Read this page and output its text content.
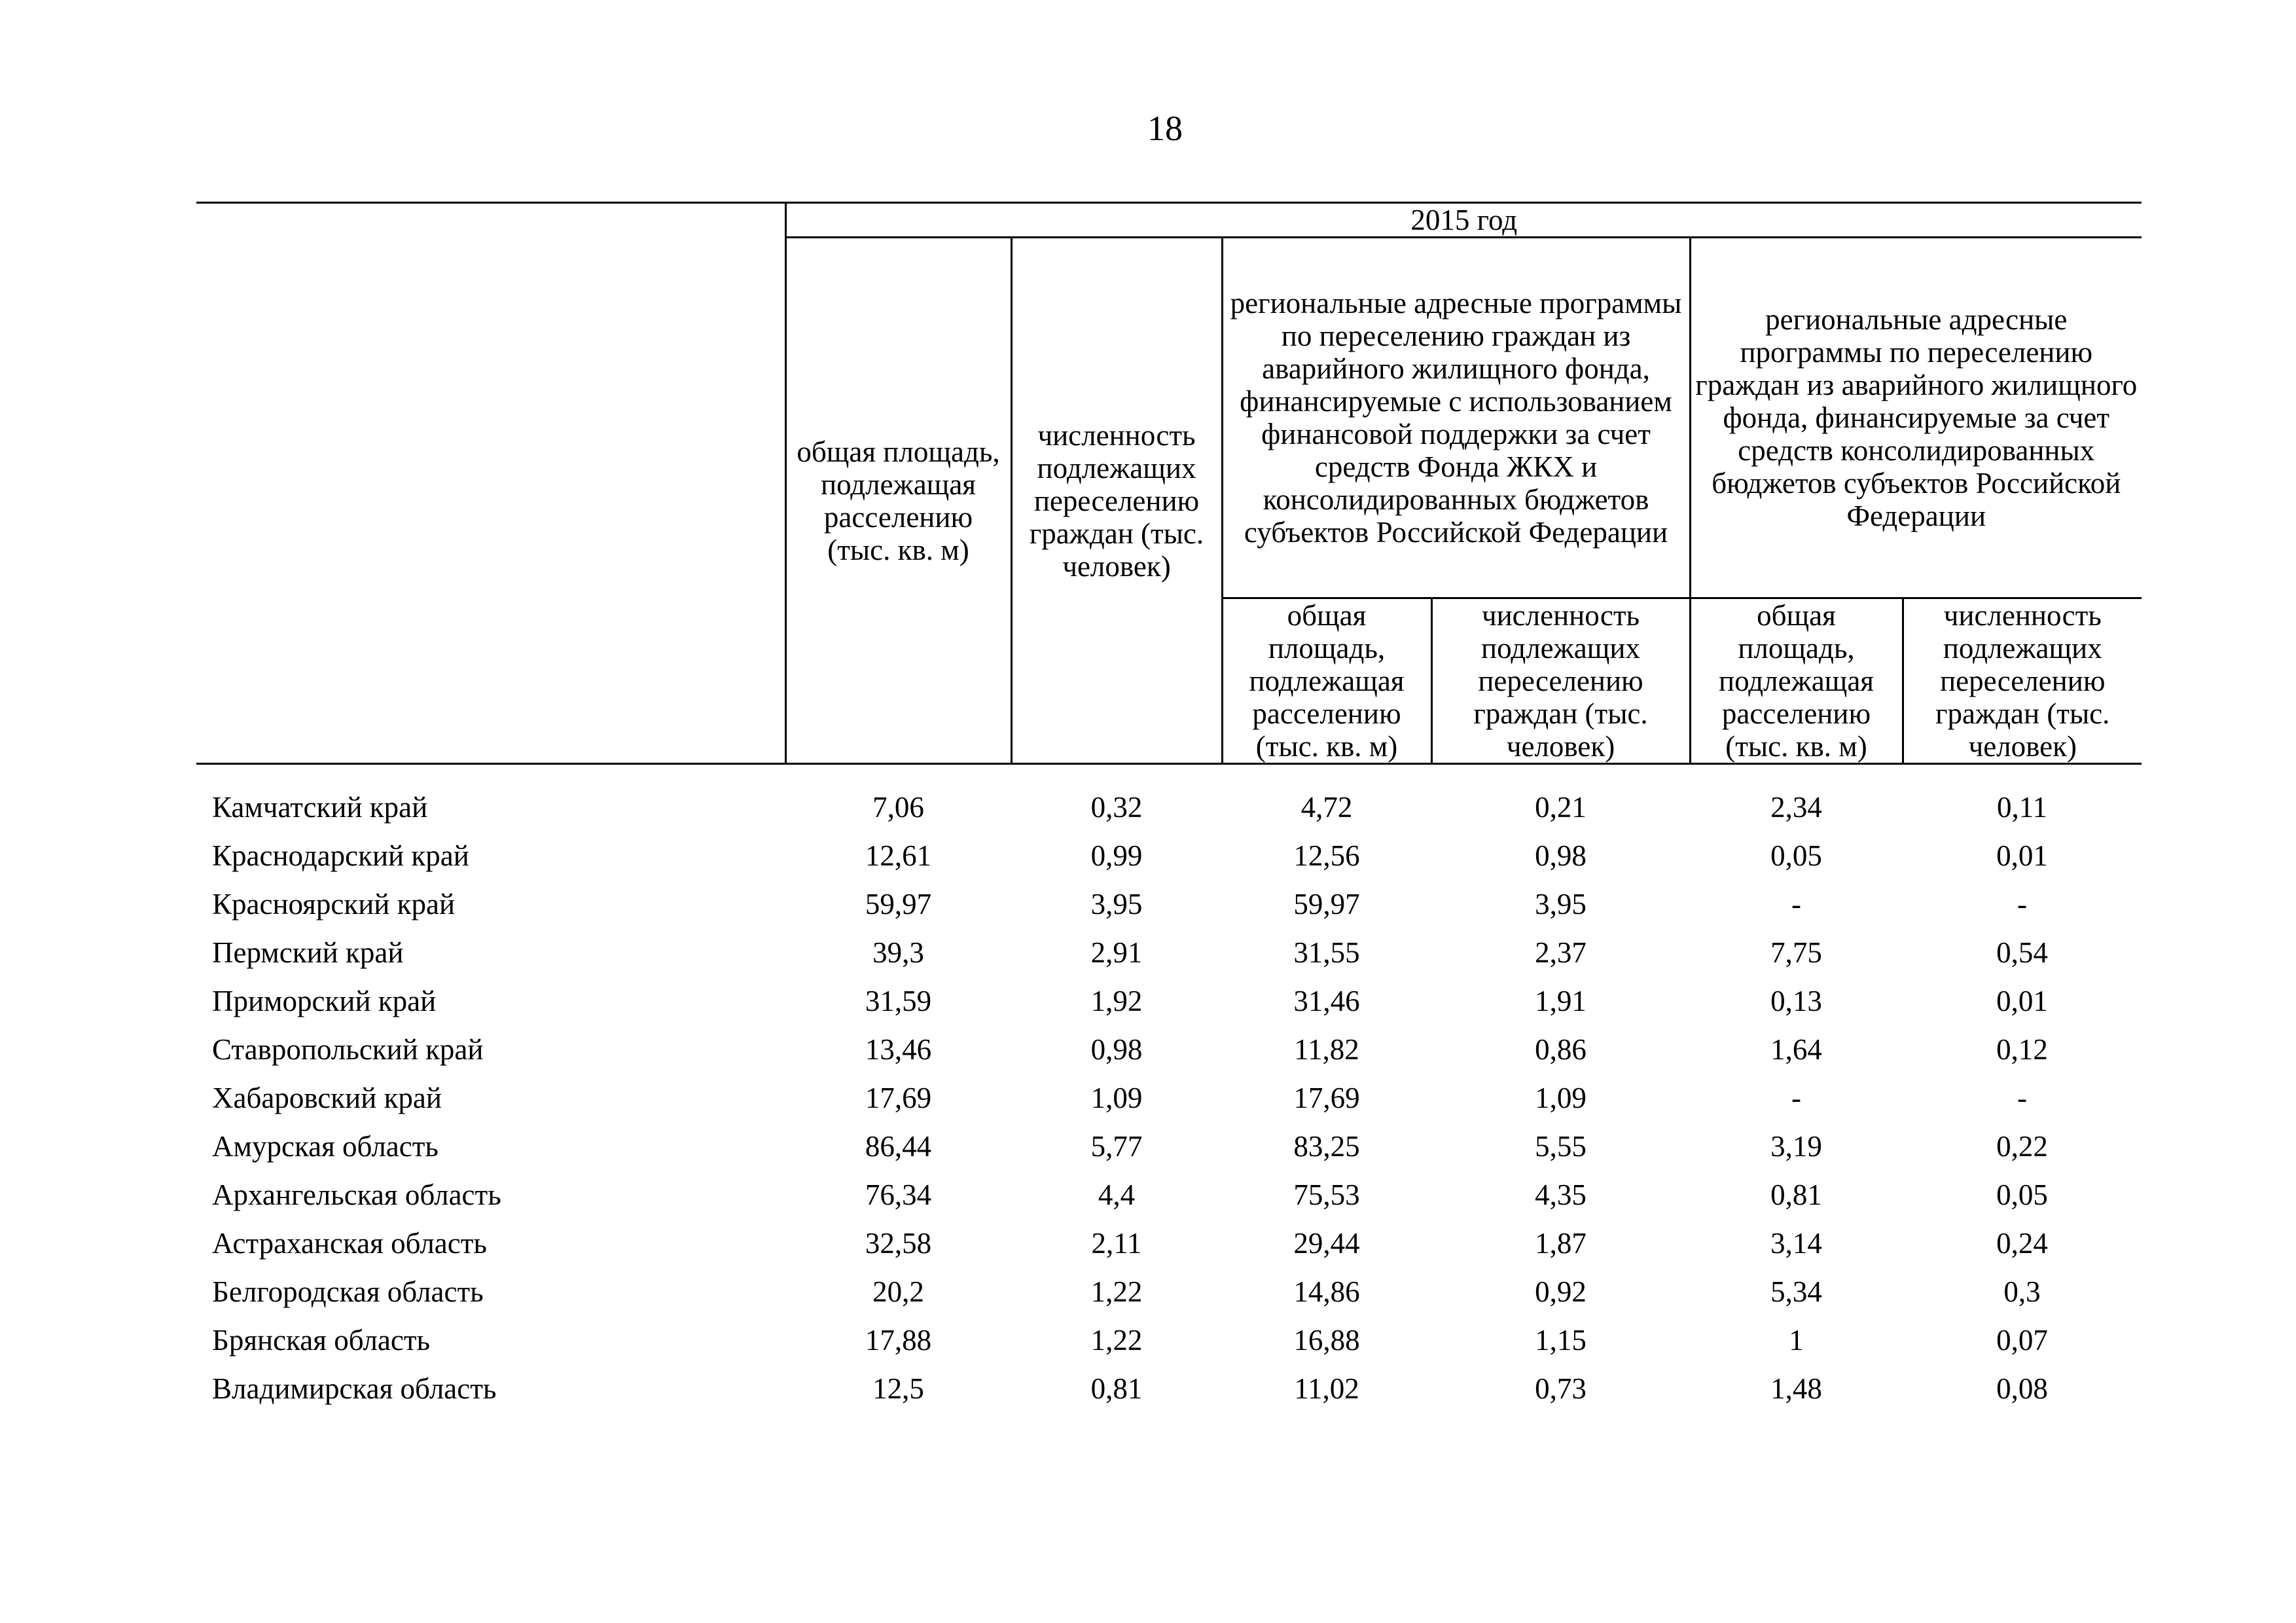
18
	2015 год					
	общая площадь, подлежащая расселению (тыс. кв. м)	численность подлежащих переселению граждан (тыс. человек)	региональные адресные программы по переселению граждан из аварийного жилищного фонда, финансируемые с использованием финансовой поддержки за счет средств Фонда ЖКХ и консолидированных бюджетов субъектов Российской Федерации		региональные адресные программы по переселению граждан из аварийного жилищного фонда, финансируемые за счет средств консолидированных бюджетов субъектов Российской Федерации	
			общая площадь, подлежащая расселению (тыс. кв. м)	численность подлежащих переселению граждан (тыс. человек)	общая площадь, подлежащая расселению (тыс. кв. м)	численность подлежащих переселению граждан (тыс. человек)

Камчатский край	7,06	0,32	4,72	0,21	2,34	0,11
Краснодарский край	12,61	0,99	12,56	0,98	0,05	0,01
Красноярский край	59,97	3,95	59,97	3,95	-	-
Пермский край	39,3	2,91	31,55	2,37	7,75	0,54
Приморский край	31,59	1,92	31,46	1,91	0,13	0,01
Ставропольский край	13,46	0,98	11,82	0,86	1,64	0,12
Хабаровский край	17,69	1,09	17,69	1,09	-	-
Амурская область	86,44	5,77	83,25	5,55	3,19	0,22
Архангельская область	76,34	4,4	75,53	4,35	0,81	0,05
Астраханская область	32,58	2,11	29,44	1,87	3,14	0,24
Белгородская область	20,2	1,22	14,86	0,92	5,34	0,3
Брянская область	17,88	1,22	16,88	1,15	1	0,07
Владимирская область	12,5	0,81	11,02	0,73	1,48	0,08
